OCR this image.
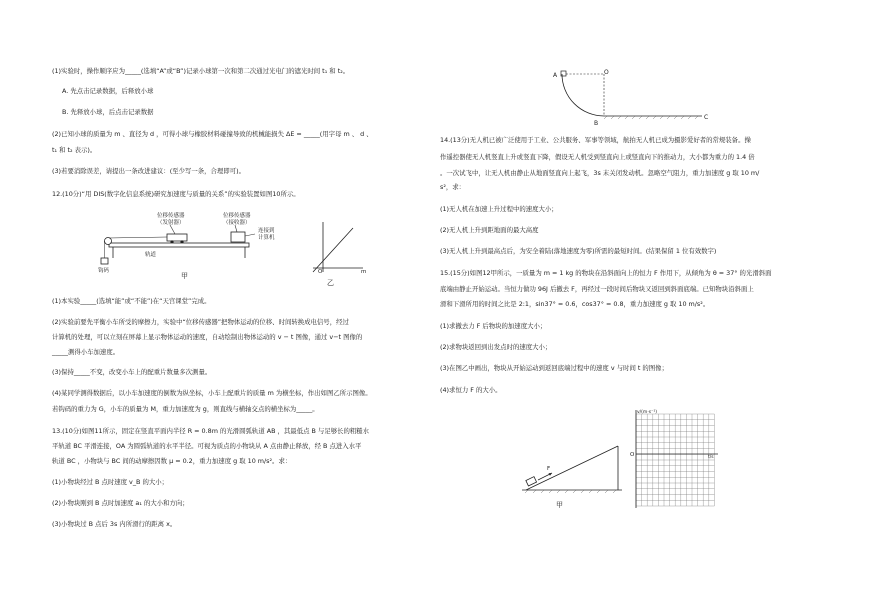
(1)实验时，操作顺序应为_____(选填“A”或“B”)记录小球第一次和第二次通过光电门的遮光时间 t₁ 和 t₂。
A. 先点击记录数据，后释放小球
B. 先释放小球，后点击记录数据
(2)已知小球的质量为 m 、直径为 d ，可得小球与橡胶材料碰撞导致的机械能损失 ΔE = _____(用字母 m 、 d 、
t₁ 和 t₂ 表示)。
(3)若要消除误差，请提出一条改进建议：(至少写一条，合理即可)。
12.(10分)“用 DIS(数字化信息系统)研究加速度与质量的关系”的实验装置如图10所示。
位移传感器
（发射器）
位移传感器
（接收器）
连接到
计算机
钩码
轨道
甲	O	m
乙
(1)本实验_____(选填“能”或“不能”)在“天宫课堂”完成。
(2)实验前要先平衡小车所受的摩擦力，实验中“位移传感器”把物体运动的位移、时间转换成电信号，经过
计算机的处理，可以立刻在屏幕上显示物体运动的速度，自动绘制出物体运动的 v − t 图像，通过 v−t 图像的
_____测得小车加速度。
(3)保持_____不变，改变小车上的配重片数量多次测量。
(4)某同学测得数据后，以小车加速度的倒数为纵坐标，小车上配重片的质量 m 为横坐标，作出如图乙所示图像。
若钩码的重力为 G，小车的质量为 M，重力加速度为 g，则直线与横轴交点的横坐标为_____。
13.(10分)如图11所示，固定在竖直平面内半径 R = 0.8m 的光滑圆弧轨道 AB ，其最低点 B 与足够长的粗糙水
平轨道 BC 平滑连接，OA 为圆弧轨道的水平半径。可视为质点的小物块从 A 点由静止释放，经 B 点进入水平
轨道 BC ，小物块与 BC 间的动摩擦因数 μ = 0.2，重力加速度 g 取 10 m/s²。求：
(1)小物块经过 B 点时速度 v_B 的大小；
(2)小物块刚到 B 点时加速度 a₁ 的大小和方向；
(3)小物块过 B 点后 3s 内所滑行的距离 x。
A	O
B
C
14.(13分)无人机已被广泛使用于工业、公共服务、军事等领域，航拍无人机已成为摄影爱好者的常规装备。操
作遥控器使无人机竖直上升或竖直下降，假设无人机受到竖直向上或竖直向下的推动力，大小都为重力的 1.4 倍
。一次试飞中，让无人机由静止从地面竖直向上起飞，3s 末关闭发动机。忽略空气阻力，重力加速度 g 取 10 m/
s²，求：
(1)无人机在加速上升过程中的速度大小；
(2)无人机上升到距地面的最大高度
(3)无人机上升到最高点后，为安全着陆(落地速度为零)所需的最短时间。(结果保留 1 位有效数字)
15.(15分)如图12甲所示，一质量为 m = 1 kg 的物块在沿斜面向上的恒力 F 作用下，从倾角为 θ = 37° 的光滑斜面
底端由静止开始运动。当恒力做功 96J 后撤去 F，再经过一段时间后物块又返回到斜面底端。已知物块沿斜面上
滑和下滑所用的时间之比是 2:1，sin37° = 0.6，cos37° = 0.8，重力加速度 g 取 10 m/s²。
(1)求撤去力 F 后物块的加速度大小；
(2)求物块返回到出发点时的速度大小；
(3)在图乙中画出，物块从开始运动到返回底端过程中的速度 v 与时间 t 的图像；
(4)求恒力 F 的大小。
F
甲
v/(m·s⁻¹)
t/s
O
